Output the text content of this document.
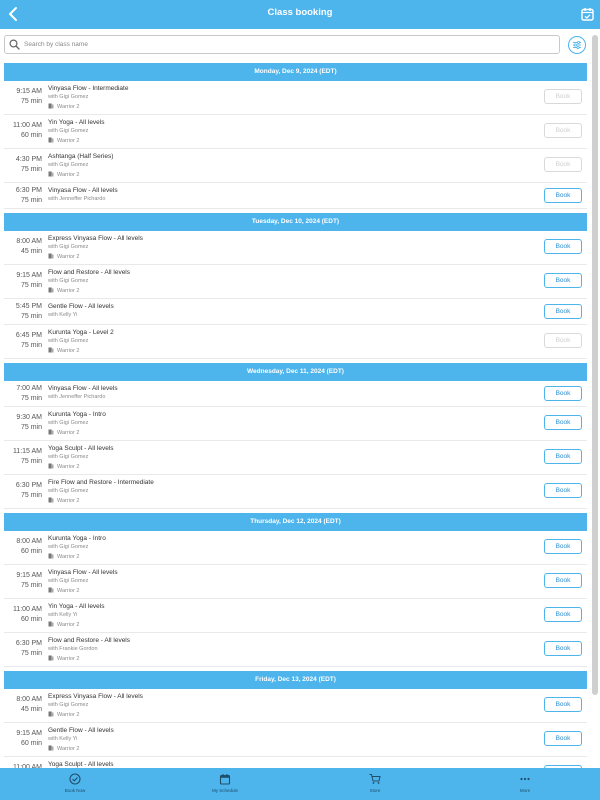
Class booking
Search by class name
Monday, Dec 9, 2024 (EDT)
9:15 AM
75 min
Vinyasa Flow - Intermediate
with Gigi Gomez
Warrior 2
Book
11:00 AM
60 min
Yin Yoga - All levels
with Gigi Gomez
Warrior 2
Book
4:30 PM
75 min
Ashtanga (Half Series)
with Gigi Gomez
Warrior 2
Book
6:30 PM
75 min
Vinyasa Flow - All levels
with Jenneffer Pichardo	Book
Tuesday, Dec 10, 2024 (EDT)
8:00 AM
45 min
Express Vinyasa Flow - All levels
with Gigi Gomez
Warrior 2
Book
9:15 AM
75 min
Flow and Restore - All levels
with Gigi Gomez
Warrior 2
Book
5:45 PM
75 min
Gentle Flow - All levels
with Kelly Yi	Book
6:45 PM
75 min
Kurunta Yoga - Level 2
with Gigi Gomez
Warrior 2
Book
Wednesday, Dec 11, 2024 (EDT)
7:00 AM
75 min
Vinyasa Flow - All levels
with Jenneffer Pichardo	Book
9:30 AM
75 min
Kurunta Yoga - Intro
with Gigi Gomez
Warrior 2
Book
11:15 AM
75 min
Yoga Sculpt - All levels
with Gigi Gomez
Warrior 2
Book
6:30 PM
75 min
Fire Flow and Restore - Intermediate
with Gigi Gomez
Warrior 2
Book
Thursday, Dec 12, 2024 (EDT)
8:00 AM
60 min
Kurunta Yoga - Intro
with Gigi Gomez
Warrior 2
Book
9:15 AM
75 min
Vinyasa Flow - All levels
with Gigi Gomez
Warrior 2
Book
11:00 AM
60 min
Yin Yoga - All levels
with Kelly Yi
Warrior 2
Book
6:30 PM
75 min
Flow and Restore - All levels
with Frankie Gordon
Warrior 2
Book
Friday, Dec 13, 2024 (EDT)
8:00 AM
45 min
Express Vinyasa Flow - All levels
with Gigi Gomez
Warrior 2
Book
9:15 AM
60 min
Gentle Flow - All levels
with Kelly Yi
Warrior 2
Book
Yoga Sculpt - All levels
Book Now	My Schedule	Store	More
